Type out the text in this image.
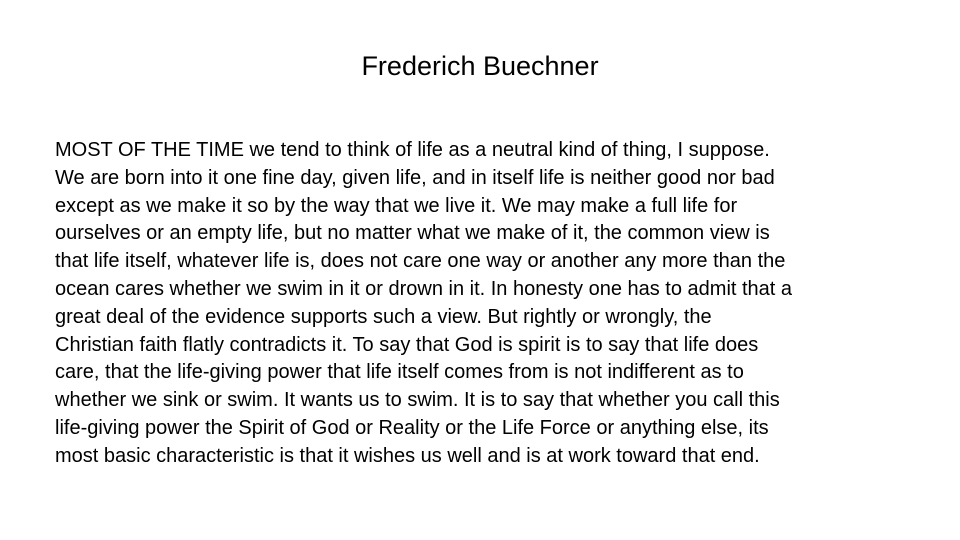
Frederich Buechner

MOST OF THE TIME we tend to think of life as a neutral kind of thing, I suppose.
We are born into it one fine day, given life, and in itself life is neither good nor bad
except as we make it so by the way that we live it. We may make a full life for
ourselves or an empty life, but no matter what we make of it, the common view is
that life itself, whatever life is, does not care one way or another any more than the
ocean cares whether we swim in it or drown in it. In honesty one has to admit that a
great deal of the evidence supports such a view. But rightly or wrongly, the
Christian faith flatly contradicts it. To say that God is spirit is to say that life does
care, that the life-giving power that life itself comes from is not indifferent as to
whether we sink or swim. It wants us to swim. It is to say that whether you call this
life-giving power the Spirit of God or Reality or the Life Force or anything else, its
most basic characteristic is that it wishes us well and is at work toward that end.
